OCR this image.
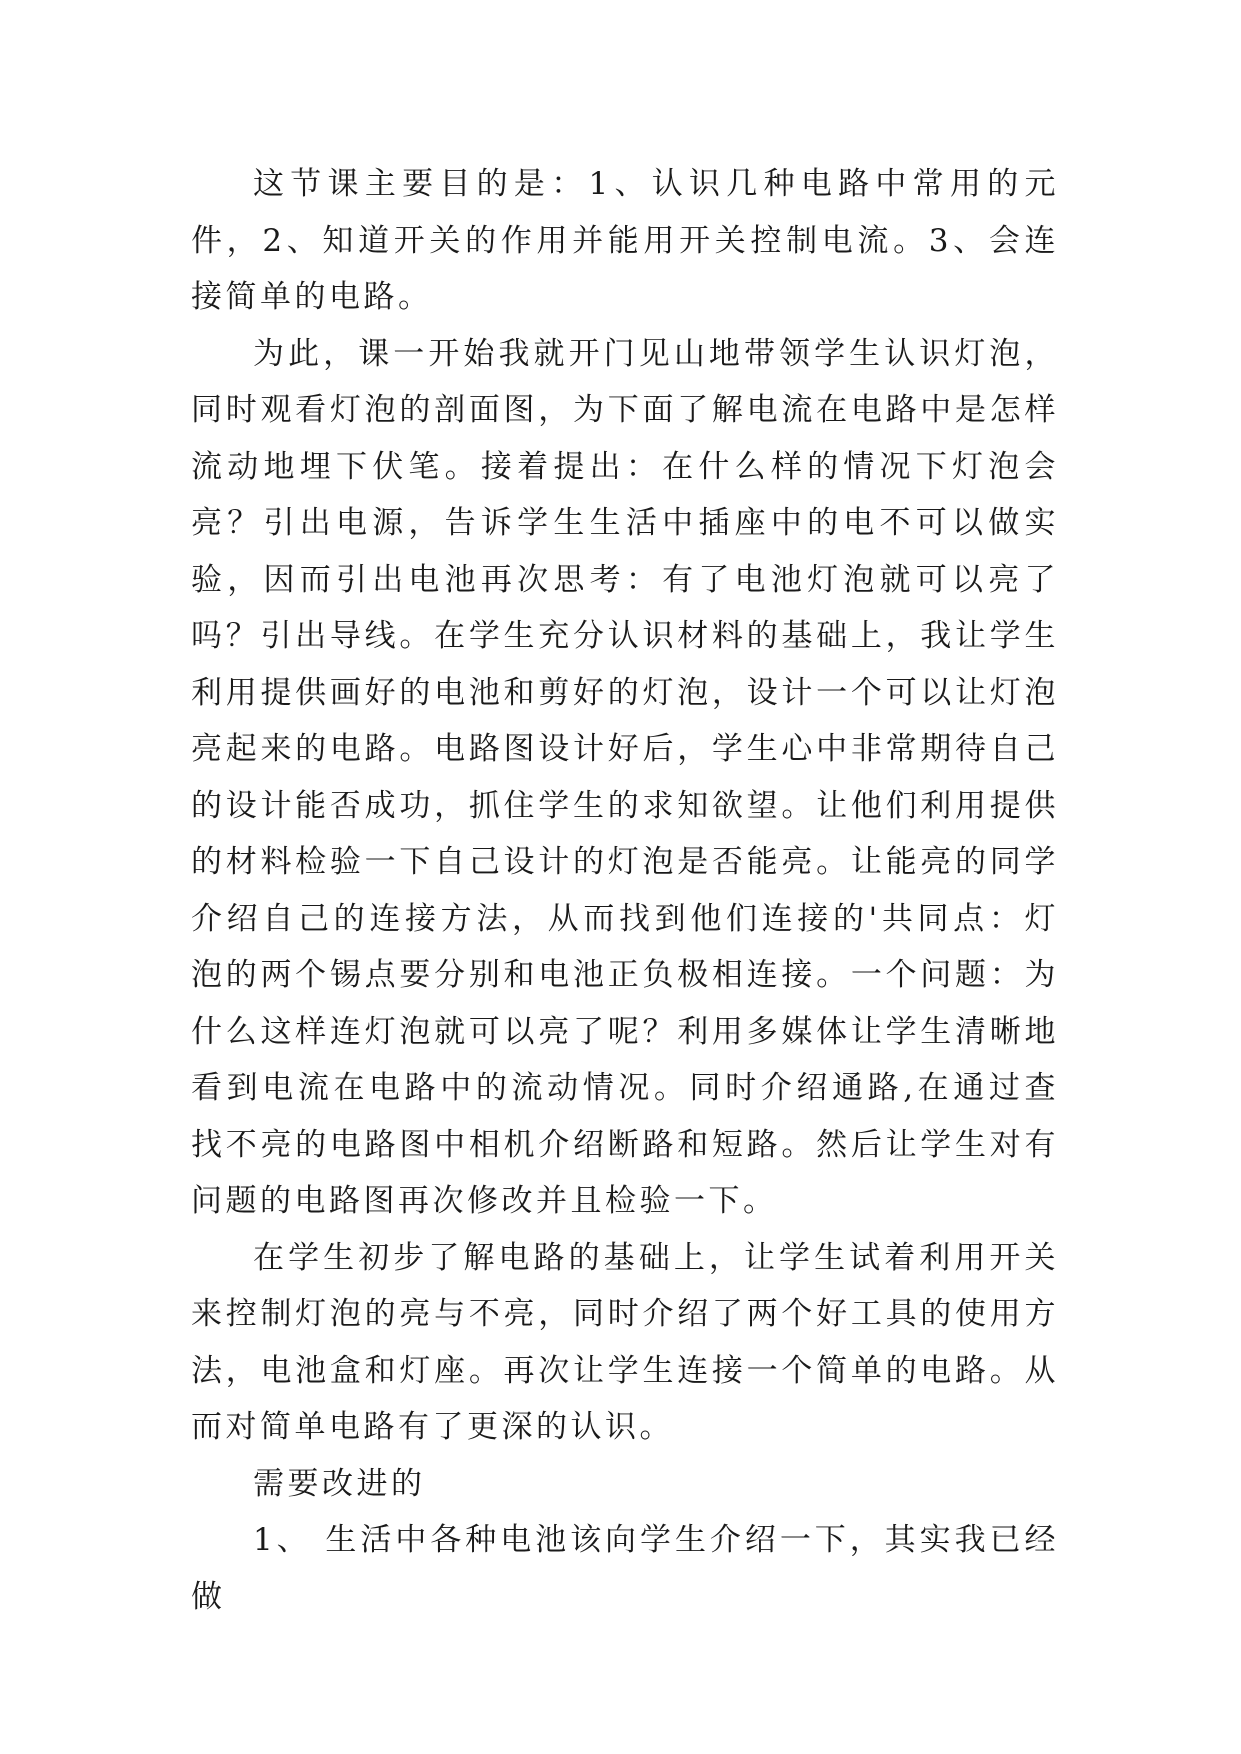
这节课主要目的是：1、认识几种电路中常用的元件，2、知道开关的作用并能用开关控制电流。3、会连接简单的电路。

为此，课一开始我就开门见山地带领学生认识灯泡，同时观看灯泡的剖面图，为下面了解电流在电路中是怎样流动地埋下伏笔。接着提出：在什么样的情况下灯泡会亮？引出电源，告诉学生生活中插座中的电不可以做实验，因而引出电池再次思考：有了电池灯泡就可以亮了吗？引出导线。在学生充分认识材料的基础上，我让学生利用提供画好的电池和剪好的灯泡，设计一个可以让灯泡亮起来的电路。电路图设计好后，学生心中非常期待自己的设计能否成功，抓住学生的求知欲望。让他们利用提供的材料检验一下自己设计的灯泡是否能亮。让能亮的同学介绍自己的连接方法，从而找到他们连接的'共同点：灯泡的两个锡点要分别和电池正负极相连接。一个问题：为什么这样连灯泡就可以亮了呢？利用多媒体让学生清晰地看到电流在电路中的流动情况。同时介绍通路,在通过查找不亮的电路图中相机介绍断路和短路。然后让学生对有问题的电路图再次修改并且检验一下。

在学生初步了解电路的基础上，让学生试着利用开关来控制灯泡的亮与不亮，同时介绍了两个好工具的使用方法，电池盒和灯座。再次让学生连接一个简单的电路。从而对简单电路有了更深的认识。

需要改进的

1、 生活中各种电池该向学生介绍一下，其实我已经做
